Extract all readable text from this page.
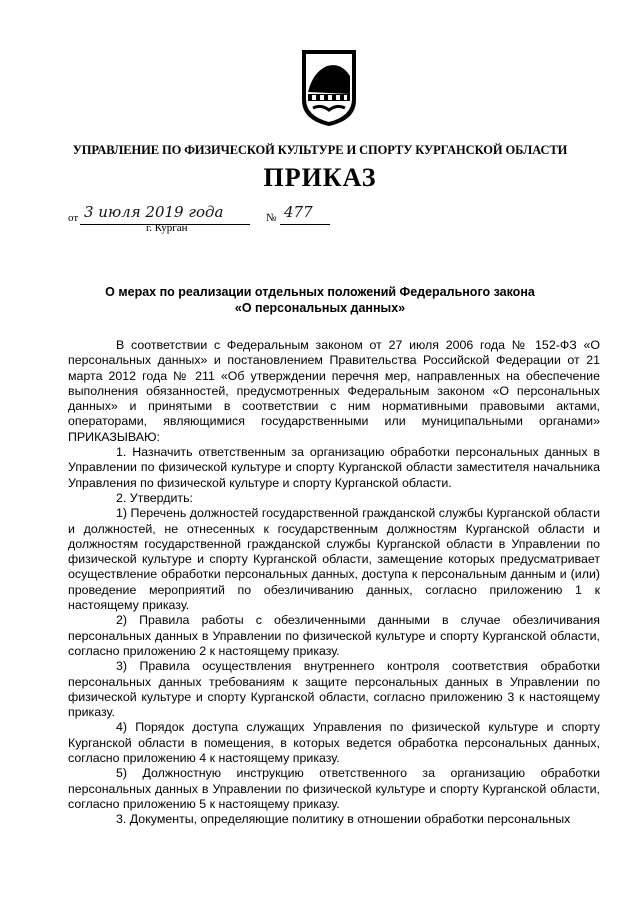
УПРАВЛЕНИЕ ПО ФИЗИЧЕСКОЙ КУЛЬТУРЕ И СПОРТУ КУРГАНСКОЙ ОБЛАСТИ
ПРИКАЗ
от 3 июля 2019 года	№ 477
г. Курган
О мерах по реализации отдельных положений Федерального закона
«О персональных данных»

В соответствии с Федеральным законом от 27 июля 2006 года № 152-ФЗ «О персональных данных» и постановлением Правительства Российской Федерации от 21 марта 2012 года № 211 «Об утверждении перечня мер, направленных на обеспечение выполнения обязанностей, предусмотренных Федеральным законом «О персональных данных» и принятыми в соответствии с ним нормативными правовыми актами, операторами, являющимися государственными или муниципальными органами» ПРИКАЗЫВАЮ:

1. Назначить ответственным за организацию обработки персональных данных в Управлении по физической культуре и спорту Курганской области заместителя начальника Управления по физической культуре и спорту Курганской области.

2. Утвердить:

1) Перечень должностей государственной гражданской службы Курганской области и должностей, не отнесенных к государственным должностям Курганской области и должностям государственной гражданской службы Курганской области в Управлении по физической культуре и спорту Курганской области, замещение которых предусматривает осуществление обработки персональных данных, доступа к персональным данным и (или) проведение мероприятий по обезличиванию данных, согласно приложению 1 к настоящему приказу.

2) Правила работы с обезличенными данными в случае обезличивания персональных данных в Управлении по физической культуре и спорту Курганской области, согласно приложению 2 к настоящему приказу.

3) Правила осуществления внутреннего контроля соответствия обработки персональных данных требованиям к защите персональных данных в Управлении по физической культуре и спорту Курганской области, согласно приложению 3 к настоящему приказу.

4) Порядок доступа служащих Управления по физической культуре и спорту Курганской области в помещения, в которых ведется обработка персональных данных, согласно приложению 4 к настоящему приказу.

5) Должностную инструкцию ответственного за организацию обработки персональных данных в Управлении по физической культуре и спорту Курганской области, согласно приложению 5 к настоящему приказу.

3. Документы, определяющие политику в отношении обработки персональных
